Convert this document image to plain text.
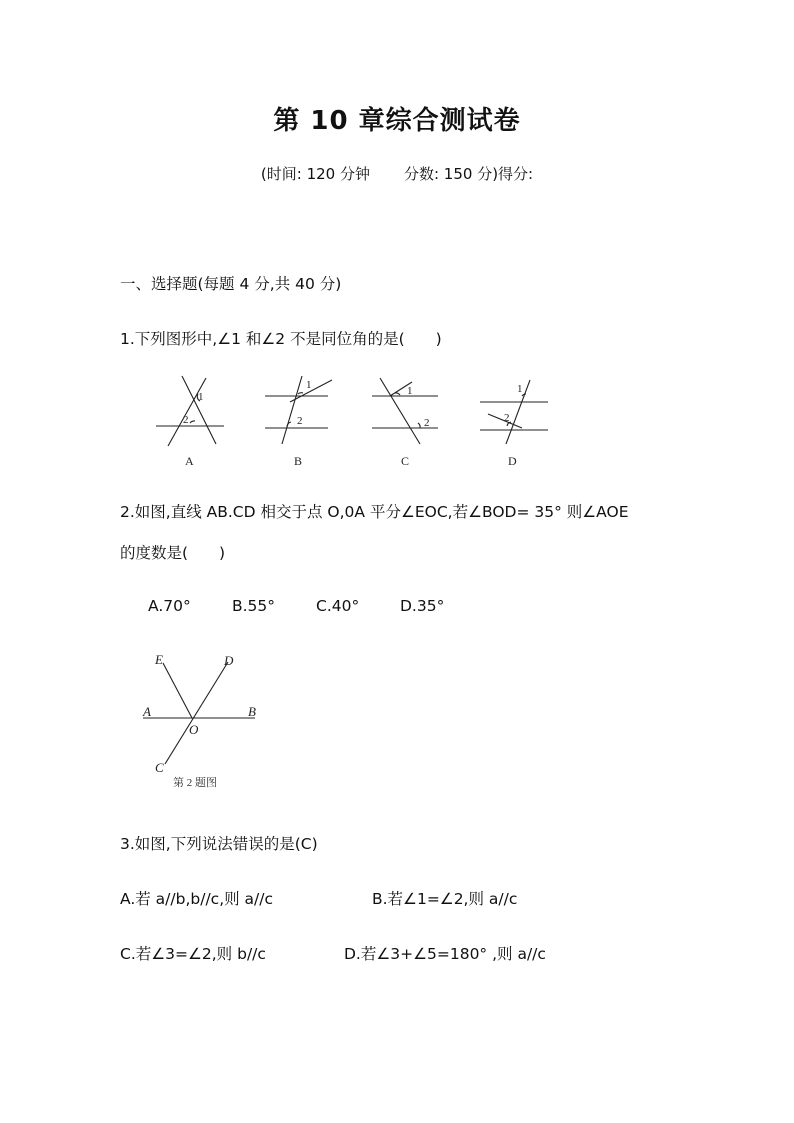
第 10 章综合测试卷
(时间: 120 分钟 分数: 150 分)得分:
一、选择题(每题 4 分,共 40 分)
1.下列图形中,∠1 和∠2 不是同位角的是(　　)
1
2
1
2
1
2
1
2
A	B	C	D
2.如图,直线 AB.CD 相交于点 O,0A 平分∠EOC,若∠BOD= 35° 则∠AOE
的度数是(　　)
A.70°	B.55°	C.40°	D.35°
E	D
A	B
O
C
第 2 题图
3.如图,下列说法错误的是(C)
A.若 a//b,b//c,则 a//c	B.若∠1=∠2,则 a//c
C.若∠3=∠2,则 b//c	D.若∠3+∠5=180° ,则 a//c
